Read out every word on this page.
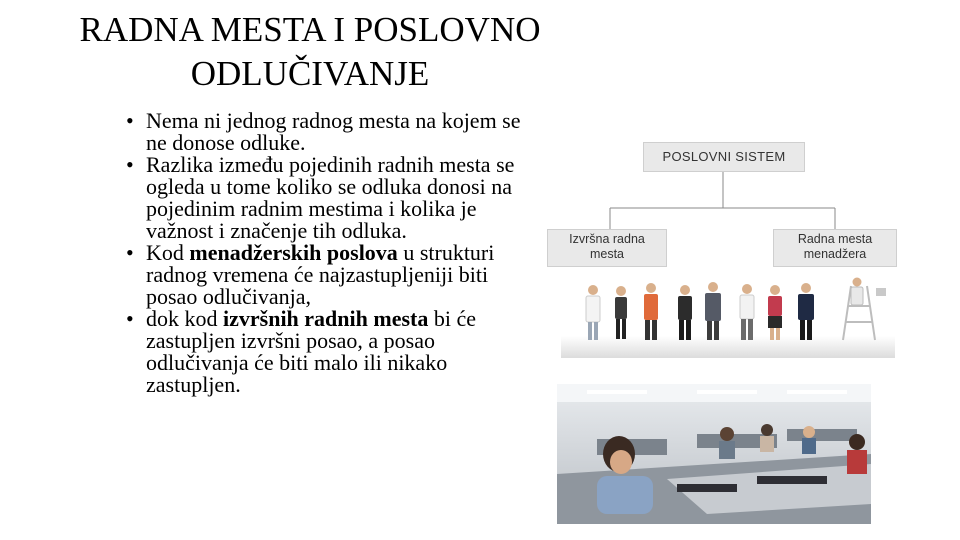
RADNA MESTA I POSLOVNO
ODLUČIVANJE
• Nema ni jednog radnog mesta na kojem se ne donose odluke.
• Razlika između pojedinih radnih mesta se ogleda u tome koliko se odluka donosi na pojedinim radnim mestima i kolika je važnost i značenje tih odluka.
• Kod menadžerskih poslova u strukturi radnog vremena će najzastupljeniji biti posao odlučivanja,
• dok kod izvršnih radnih mesta bi će zastupljen izvršni posao, a posao odlučivanja će biti malo ili nikako zastupljen.
POSLOVNI SISTEM
Izvršna radna
mesta
Radna mesta
menadžera
